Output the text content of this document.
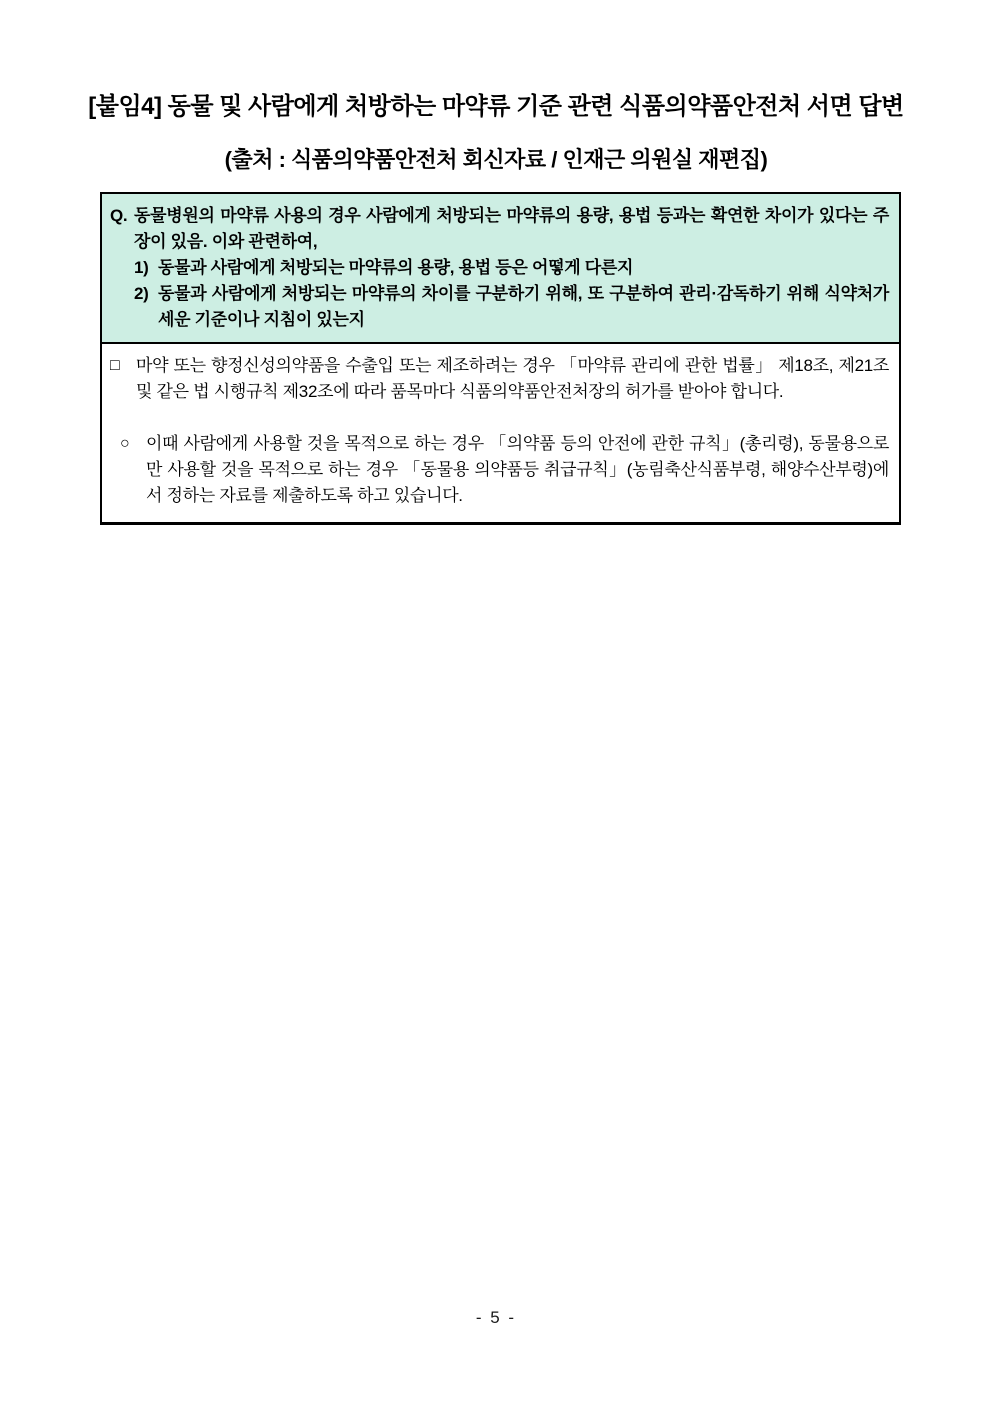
[붙임4] 동물 및 사람에게 처방하는 마약류 기준 관련 식품의약품안전처 서면 답변
(출처 : 식품의약품안전처 회신자료 / 인재근 의원실 재편집)
Q. 동물병원의 마약류 사용의 경우 사람에게 처방되는 마약류의 용량, 용법 등과는 확연한 차이가 있다는 주장이 있음. 이와 관련하여,
1) 동물과 사람에게 처방되는 마약류의 용량, 용법 등은 어떻게 다른지
2) 동물과 사람에게 처방되는 마약류의 차이를 구분하기 위해, 또 구분하여 관리·감독하기 위해 식약처가 세운 기준이나 지침이 있는지
□ 마약 또는 향정신성의약품을 수출입 또는 제조하려는 경우 「마약류 관리에 관한 법률」 제18조, 제21조 및 같은 법 시행규칙 제32조에 따라 품목마다 식품의약품안전처장의 허가를 받아야 합니다.
○ 이때 사람에게 사용할 것을 목적으로 하는 경우 「의약품 등의 안전에 관한 규칙」(총리령), 동물용으로만 사용할 것을 목적으로 하는 경우 「동물용 의약품등 취급규칙」(농림축산식품부령, 해양수산부령)에서 정하는 자료를 제출하도록 하고 있습니다.
- 5 -
